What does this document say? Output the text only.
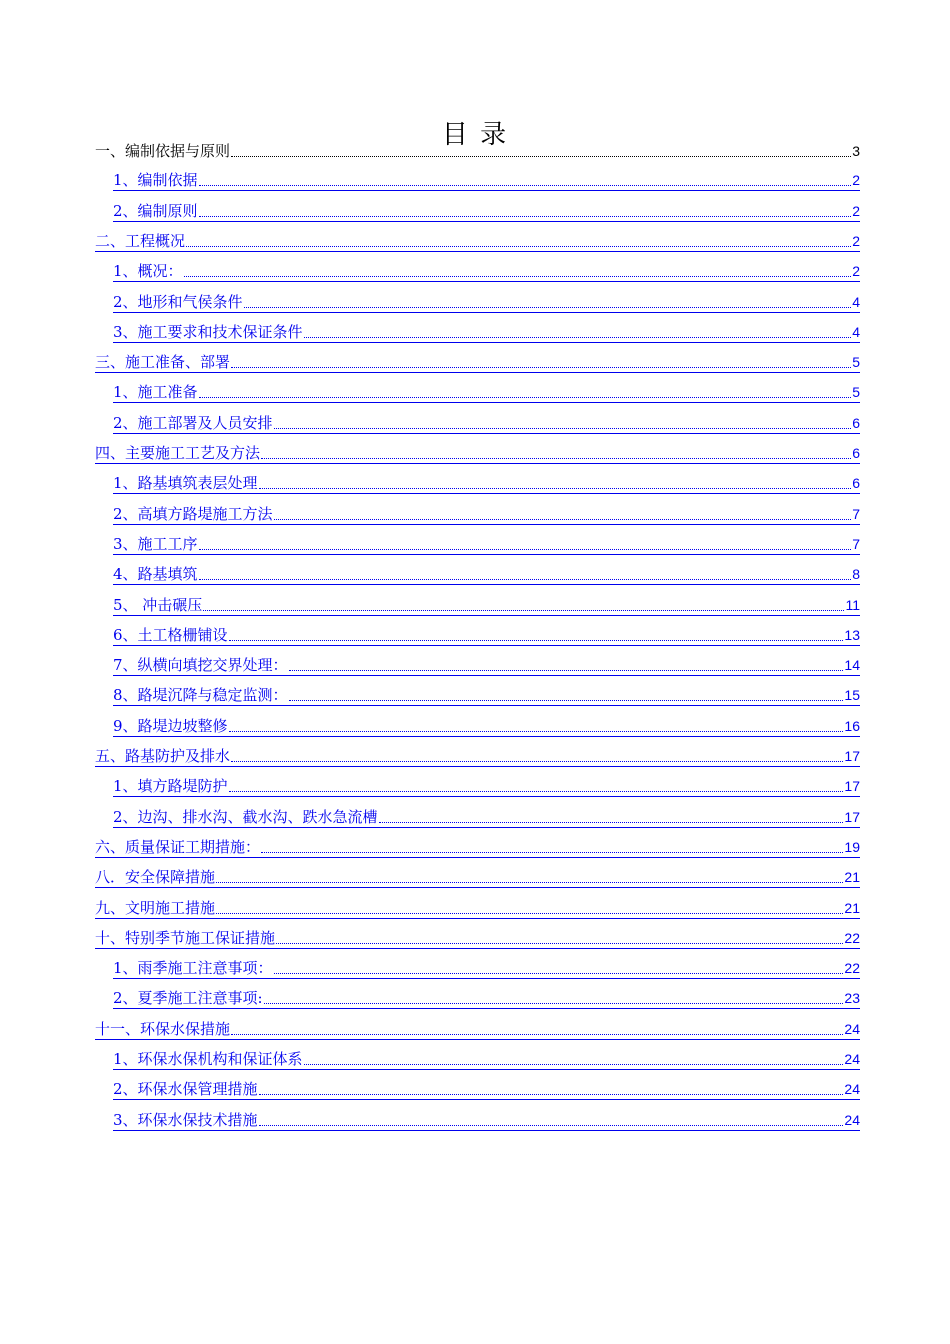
目 录
一、编制依据与原则	3
1、编制依据	2
2、编制原则	2
二、工程概况	2
1、概况：	2
2、地形和气侯条件	4
3、施工要求和技术保证条件	4
三、施工准备、部署	5
1、施工准备	5
2、施工部署及人员安排	6
四、主要施工工艺及方法	6
1、路基填筑表层处理	6
2、高填方路堤施工方法	7
3、施工工序	7
4、路基填筑	8
5、 冲击碾压	11
6、土工格栅铺设	13
7、纵横向填挖交界处理：	14
8、路堤沉降与稳定监测：	15
9、路堤边坡整修	16
五、路基防护及排水	17
1、填方路堤防护	17
2、边沟、排水沟、截水沟、跌水急流槽	17
六、质量保证工期措施：	19
八．安全保障措施	21
九、文明施工措施	21
十、特别季节施工保证措施	22
1、雨季施工注意事项：	22
2、夏季施工注意事项:	23
十一、环保水保措施	24
1、环保水保机构和保证体系	24
2、环保水保管理措施	24
3、环保水保技术措施	24
